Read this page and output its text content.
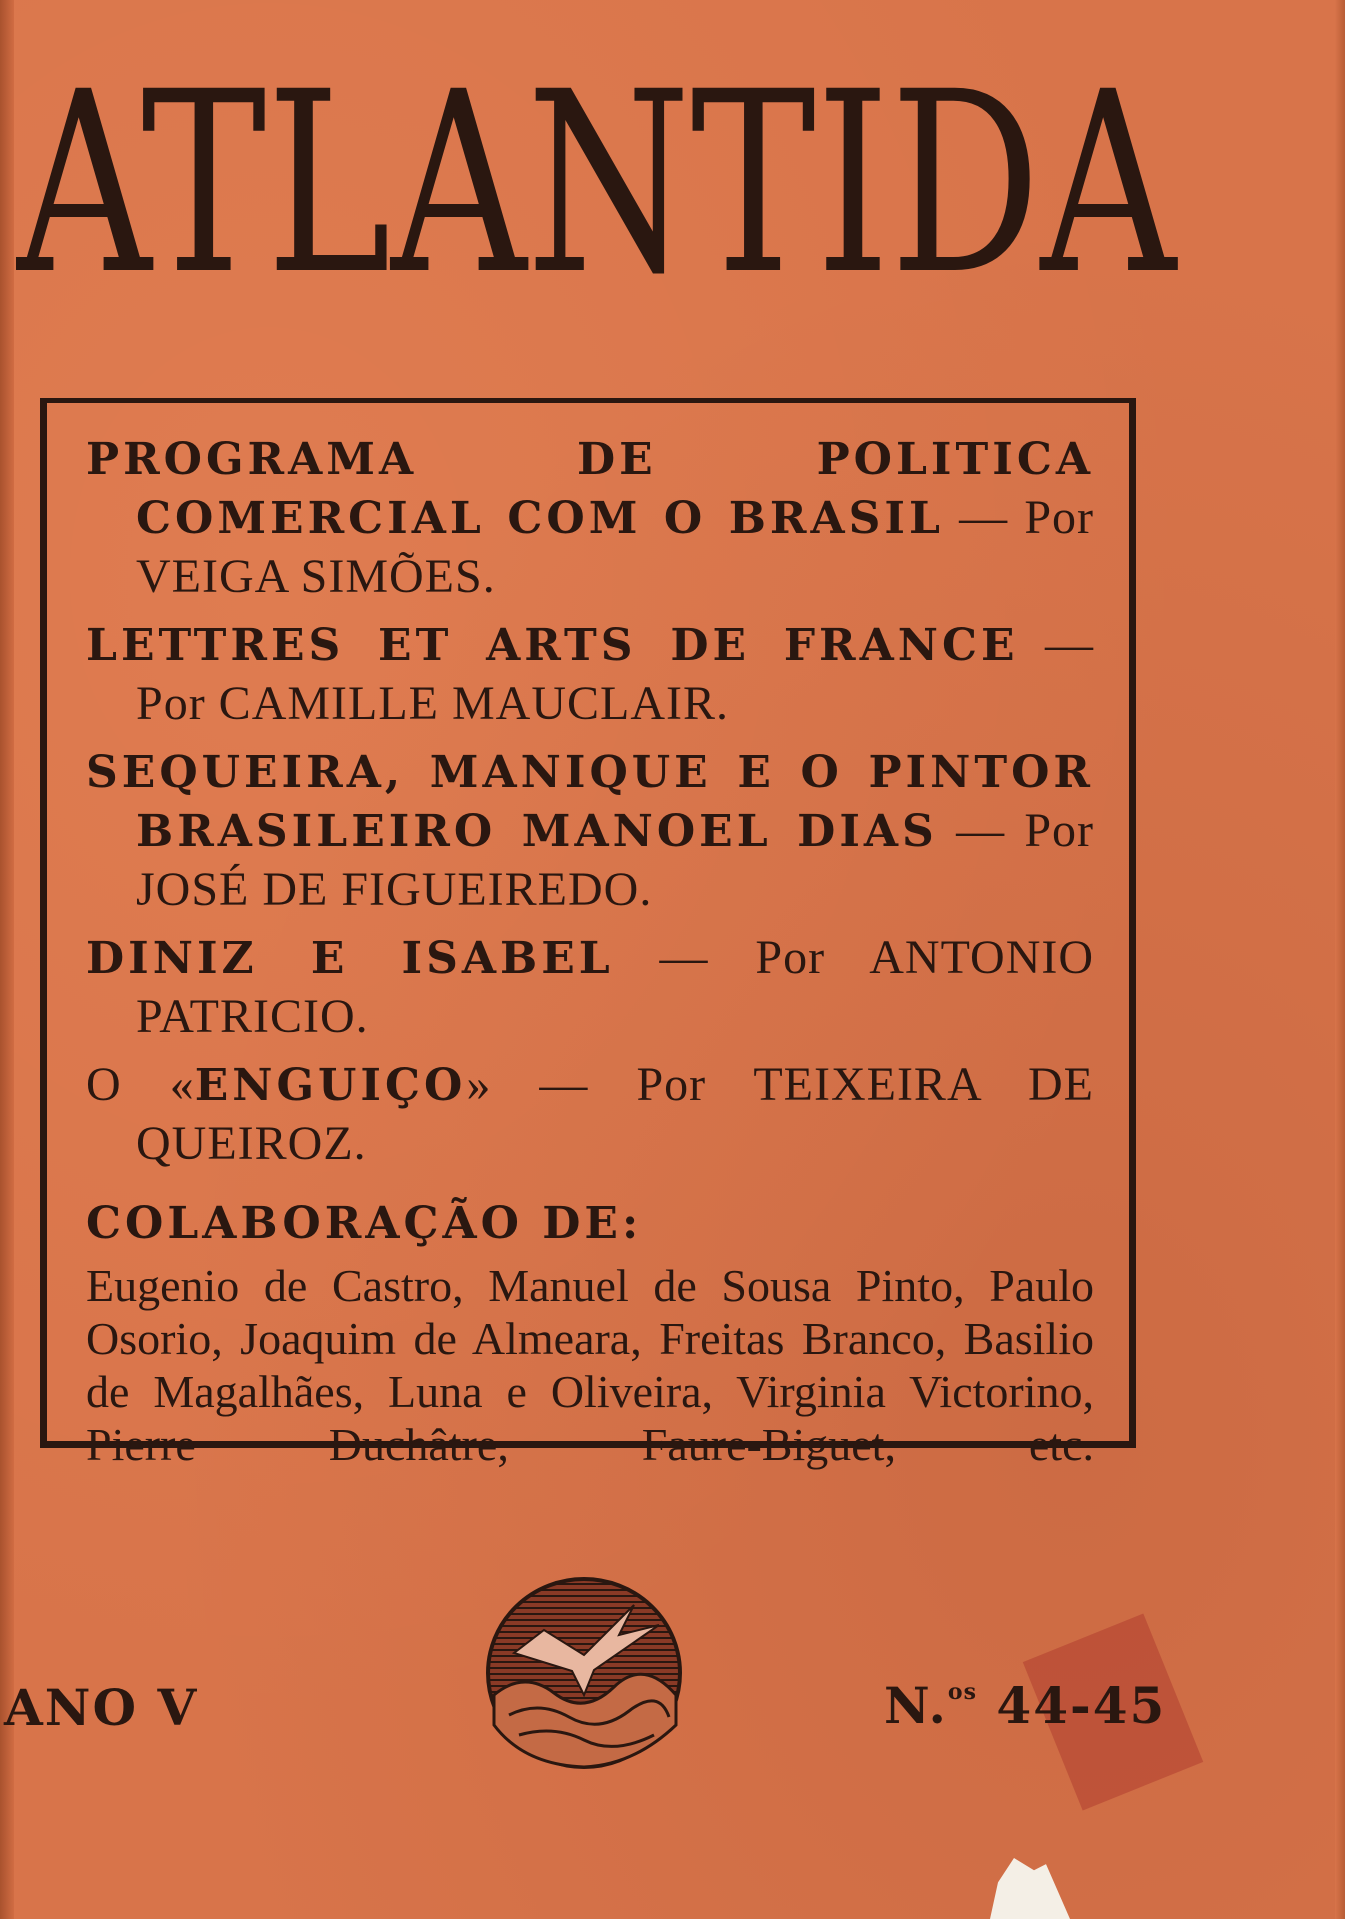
ATLANTIDA

PROGRAMA DE POLITICA COMERCIAL COM O BRASIL — Por VEIGA SIMÕES.

LETTRES ET ARTS DE FRANCE — Por CAMILLE MAUCLAIR.

SEQUEIRA, MANIQUE E O PINTOR BRASILEIRO MANOEL DIAS — Por JOSÉ DE FIGUEIREDO.

DINIZ E ISABEL — Por ANTONIO PATRICIO.

O «ENGUIÇO» — Por TEIXEIRA DE QUEIROZ.

COLABORAÇÃO DE:

Eugenio de Castro, Manuel de Sousa Pinto, Paulo Osorio, Joaquim de Almeara, Freitas Branco, Basilio de Magalhães, Luna e Oliveira, Virginia Victorino, Pierre Duchâtre, Faure-Biguet, etc.

ANO V	N.$^{os}$ 44-45
